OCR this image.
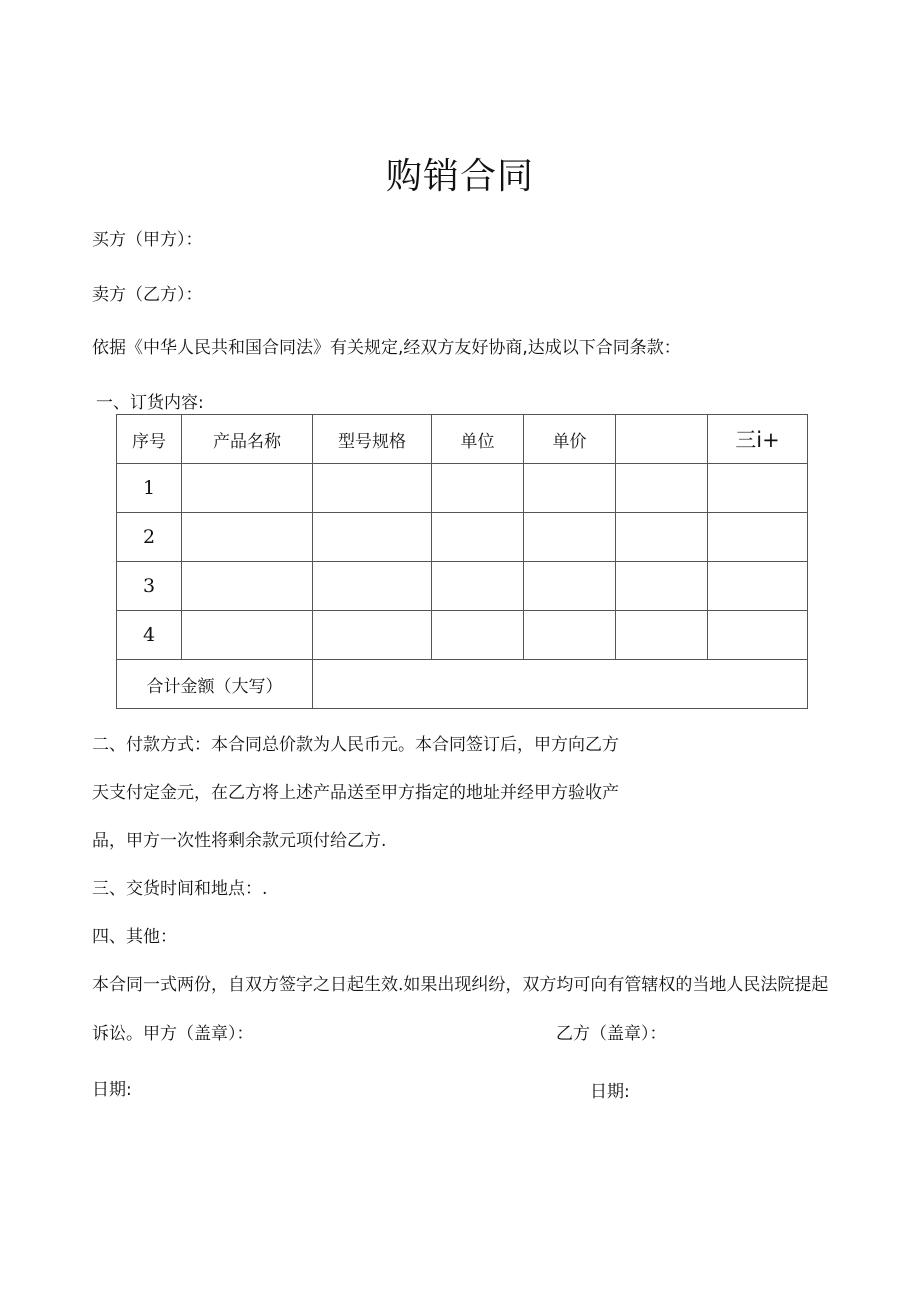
购销合同
买方（甲方）：
卖方（乙方）：
依据《中华人民共和国合同法》有关规定,经双方友好协商,达成以下合同条款：
一、订货内容:
序号	产品名称	型号规格	单位	单价		三i+
1						
2						
3						
4						
合计金额（大写）						
二、付款方式：本合同总价款为人民币元。本合同签订后，甲方向乙方
天支付定金元，在乙方将上述产品送至甲方指定的地址并经甲方验收产
品，甲方一次性将剩余款元项付给乙方.
三、交货时间和地点：.
四、其他：
本合同一式两份，自双方签字之日起生效.如果出现纠纷，双方均可向有管辖权的当地人民法院提起
诉讼。甲方（盖章）：	乙方（盖章）：
日期:	日期:
